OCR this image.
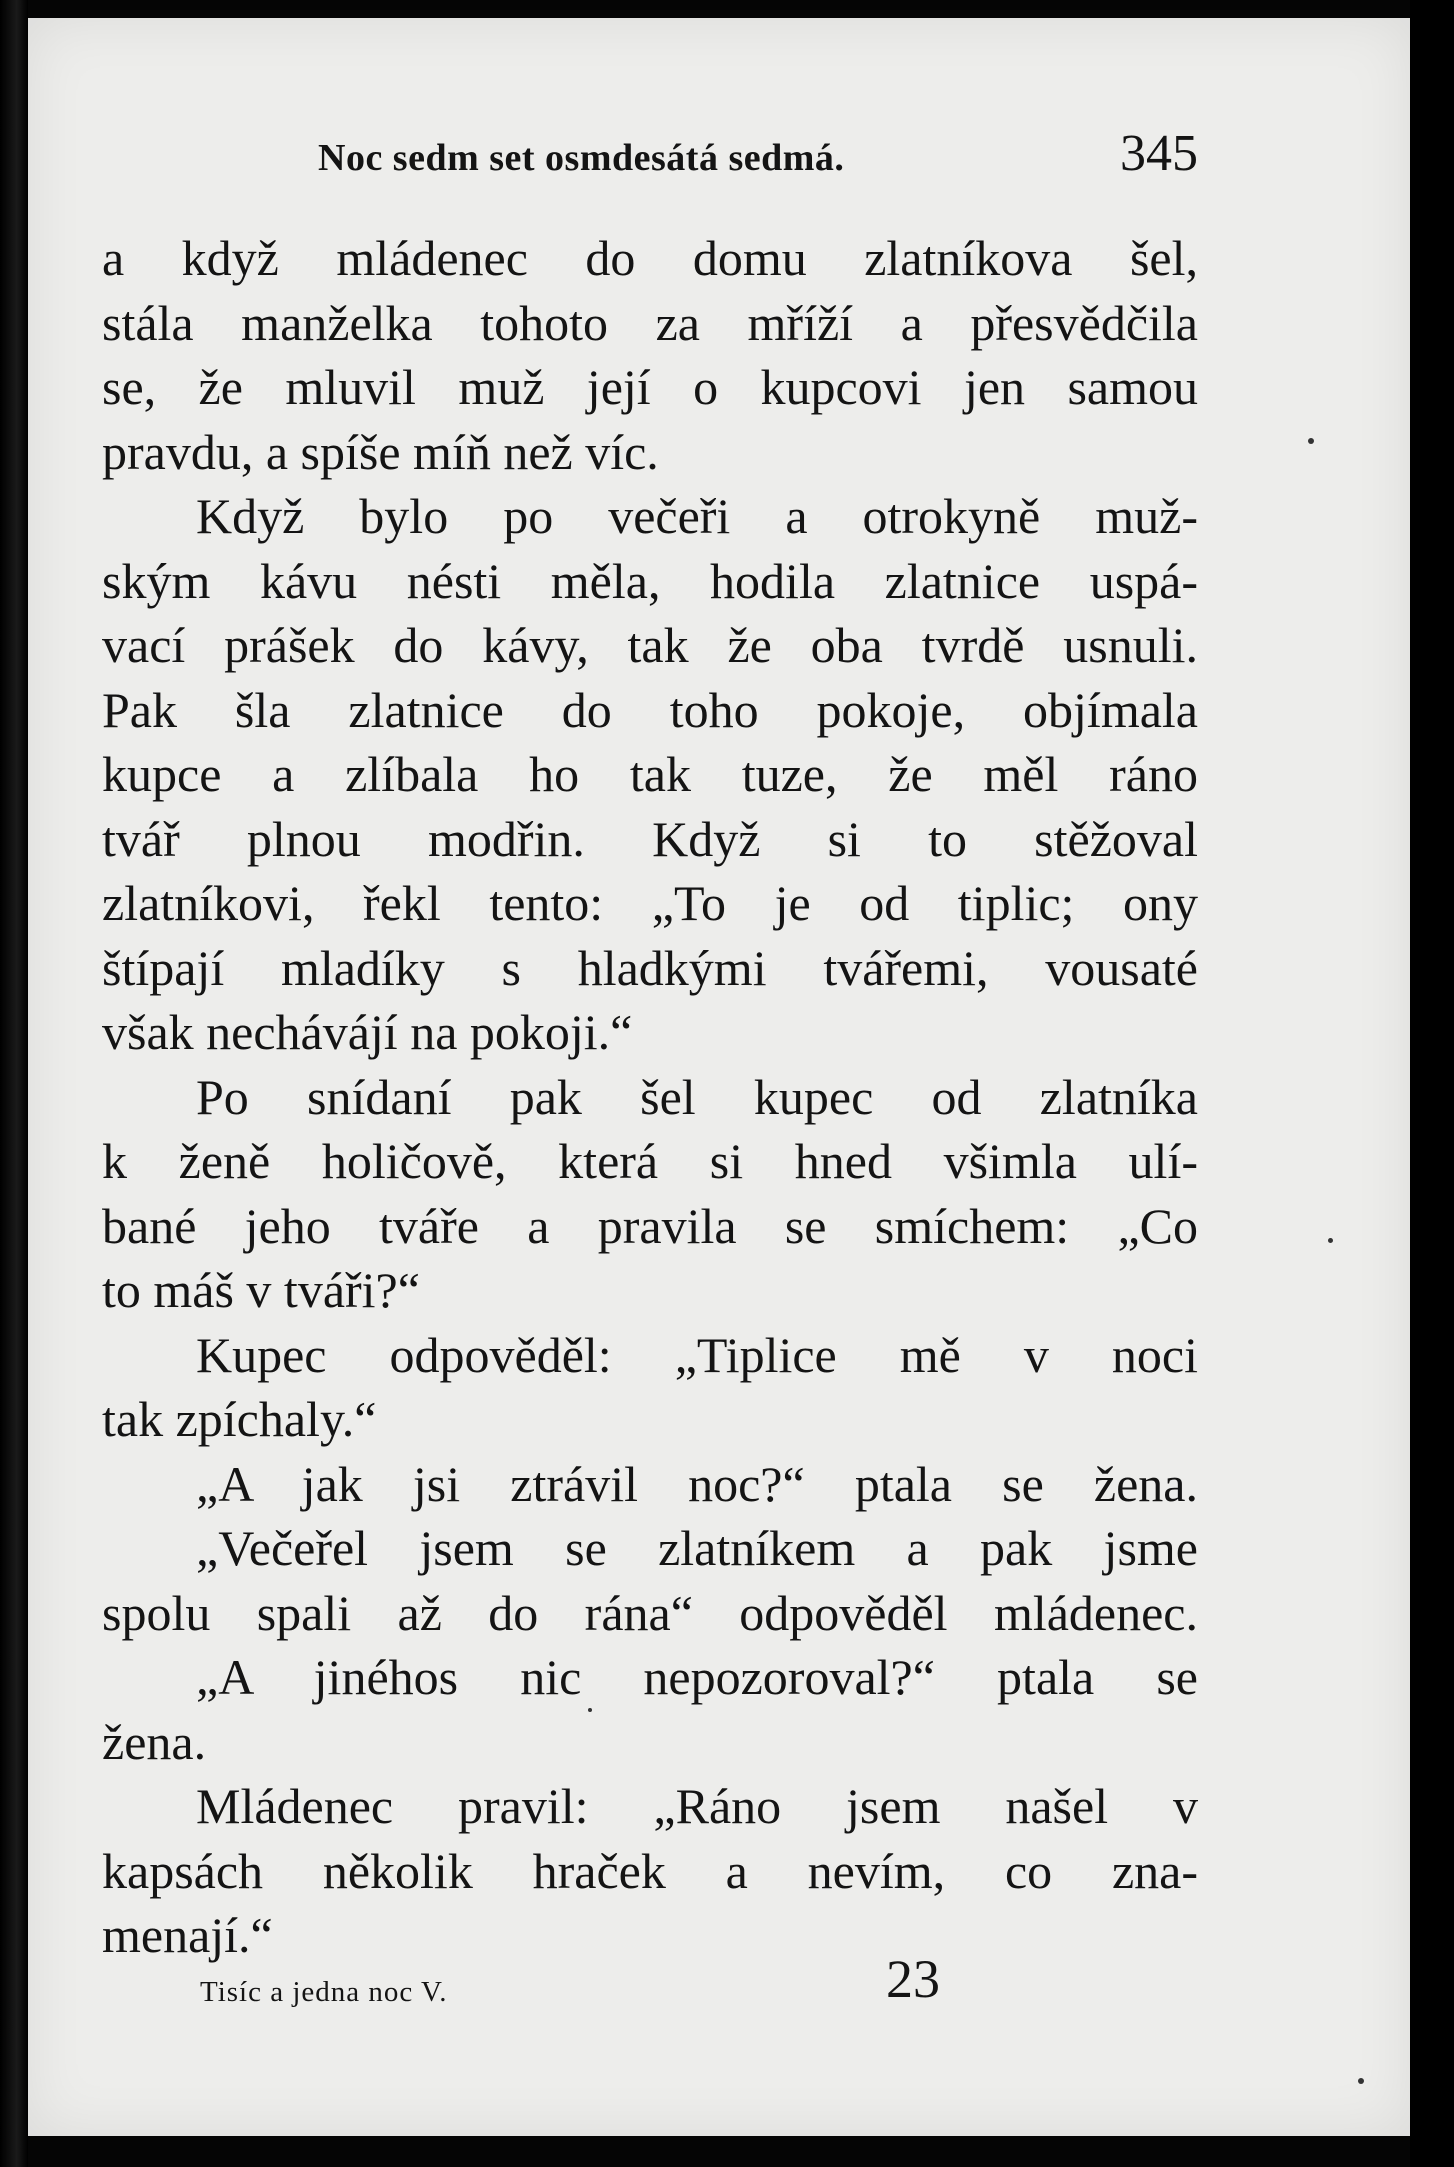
Noc sedm set osmdesátá sedmá.	345
a když mládenec do domu zlatníkova šel,
stála manželka tohoto za mříží a přesvědčila
se, že mluvil muž její o kupcovi jen samou
pravdu, a spíše míň než víc.
Když bylo po večeři a otrokyně muž-
ským kávu nésti měla, hodila zlatnice uspá-
vací prášek do kávy, tak že oba tvrdě usnuli.
Pak šla zlatnice do toho pokoje, objímala
kupce a zlíbala ho tak tuze, že měl ráno
tvář plnou modřin. Když si to stěžoval
zlatníkovi, řekl tento: „To je od tiplic; ony
štípají mladíky s hladkými tvářemi, vousaté
však nechávájí na pokoji.“
Po snídaní pak šel kupec od zlatníka
k ženě holičově, která si hned všimla ulí-
bané jeho tváře a pravila se smíchem: „Co
to máš v tváři?“
Kupec odpověděl: „Tiplice mě v noci
tak zpíchaly.“
„A jak jsi ztrávil noc?“ ptala se žena.
„Večeřel jsem se zlatníkem a pak jsme
spolu spali až do rána“ odpověděl mládenec.
„A jinéhos nic nepozoroval?“ ptala se
žena.
Mládenec pravil: „Ráno jsem našel v
kapsách několik hraček a nevím, co zna-
menají.“
Tisíc a jedna noc V.	23
